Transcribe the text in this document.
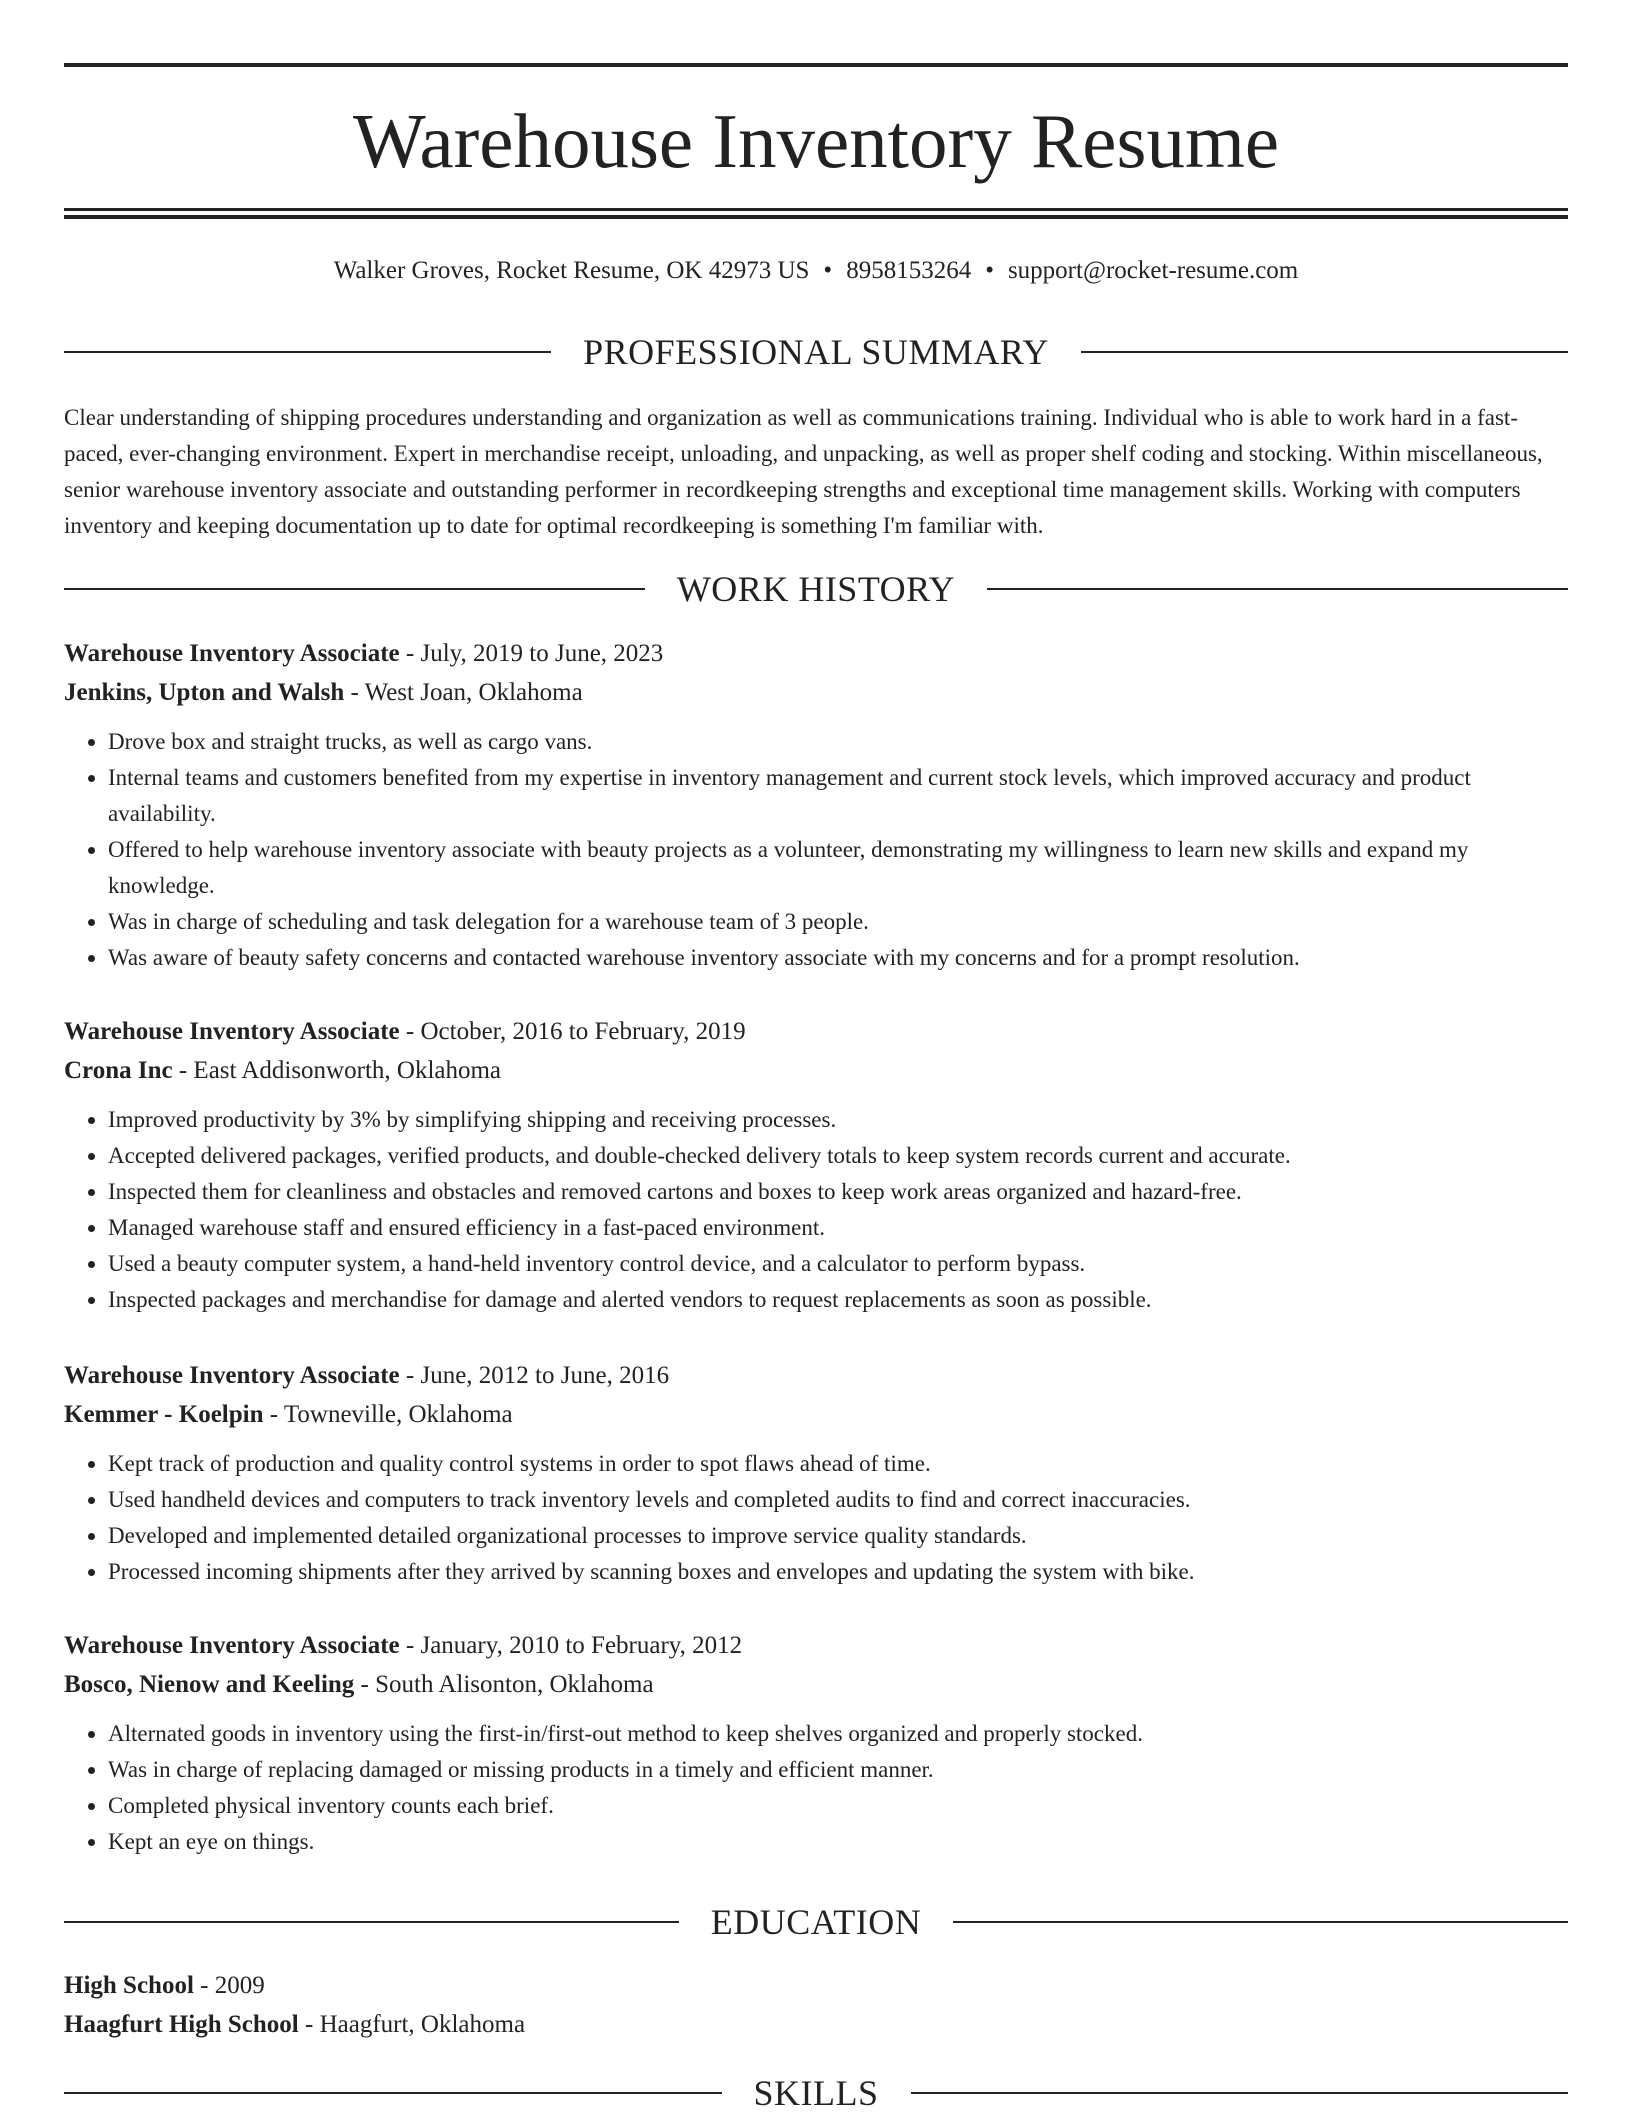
Warehouse Inventory Resume
Walker Groves, Rocket Resume, OK 42973 US • 8958153264 • support@rocket-resume.com
PROFESSIONAL SUMMARY

Clear understanding of shipping procedures understanding and organization as well as communications training. Individual who is able to work hard in a fast-paced, ever-changing environment. Expert in merchandise receipt, unloading, and unpacking, as well as proper shelf coding and stocking. Within miscellaneous, senior warehouse inventory associate and outstanding performer in recordkeeping strengths and exceptional time management skills. Working with computers inventory and keeping documentation up to date for optimal recordkeeping is something I'm familiar with.

WORK HISTORY
Warehouse Inventory Associate - July, 2019 to June, 2023
Jenkins, Upton and Walsh - West Joan, Oklahoma
• Drove box and straight trucks, as well as cargo vans.
• Internal teams and customers benefited from my expertise in inventory management and current stock levels, which improved accuracy and product availability.
• Offered to help warehouse inventory associate with beauty projects as a volunteer, demonstrating my willingness to learn new skills and expand my knowledge.
• Was in charge of scheduling and task delegation for a warehouse team of 3 people.
• Was aware of beauty safety concerns and contacted warehouse inventory associate with my concerns and for a prompt resolution.
Warehouse Inventory Associate - October, 2016 to February, 2019
Crona Inc - East Addisonworth, Oklahoma
• Improved productivity by 3% by simplifying shipping and receiving processes.
• Accepted delivered packages, verified products, and double-checked delivery totals to keep system records current and accurate.
• Inspected them for cleanliness and obstacles and removed cartons and boxes to keep work areas organized and hazard-free.
• Managed warehouse staff and ensured efficiency in a fast-paced environment.
• Used a beauty computer system, a hand-held inventory control device, and a calculator to perform bypass.
• Inspected packages and merchandise for damage and alerted vendors to request replacements as soon as possible.
Warehouse Inventory Associate - June, 2012 to June, 2016
Kemmer - Koelpin - Towneville, Oklahoma
• Kept track of production and quality control systems in order to spot flaws ahead of time.
• Used handheld devices and computers to track inventory levels and completed audits to find and correct inaccuracies.
• Developed and implemented detailed organizational processes to improve service quality standards.
• Processed incoming shipments after they arrived by scanning boxes and envelopes and updating the system with bike.
Warehouse Inventory Associate - January, 2010 to February, 2012
Bosco, Nienow and Keeling - South Alisonton, Oklahoma
• Alternated goods in inventory using the first-in/first-out method to keep shelves organized and properly stocked.
• Was in charge of replacing damaged or missing products in a timely and efficient manner.
• Completed physical inventory counts each brief.
• Kept an eye on things.
EDUCATION
High School - 2009
Haagfurt High School - Haagfurt, Oklahoma
SKILLS
